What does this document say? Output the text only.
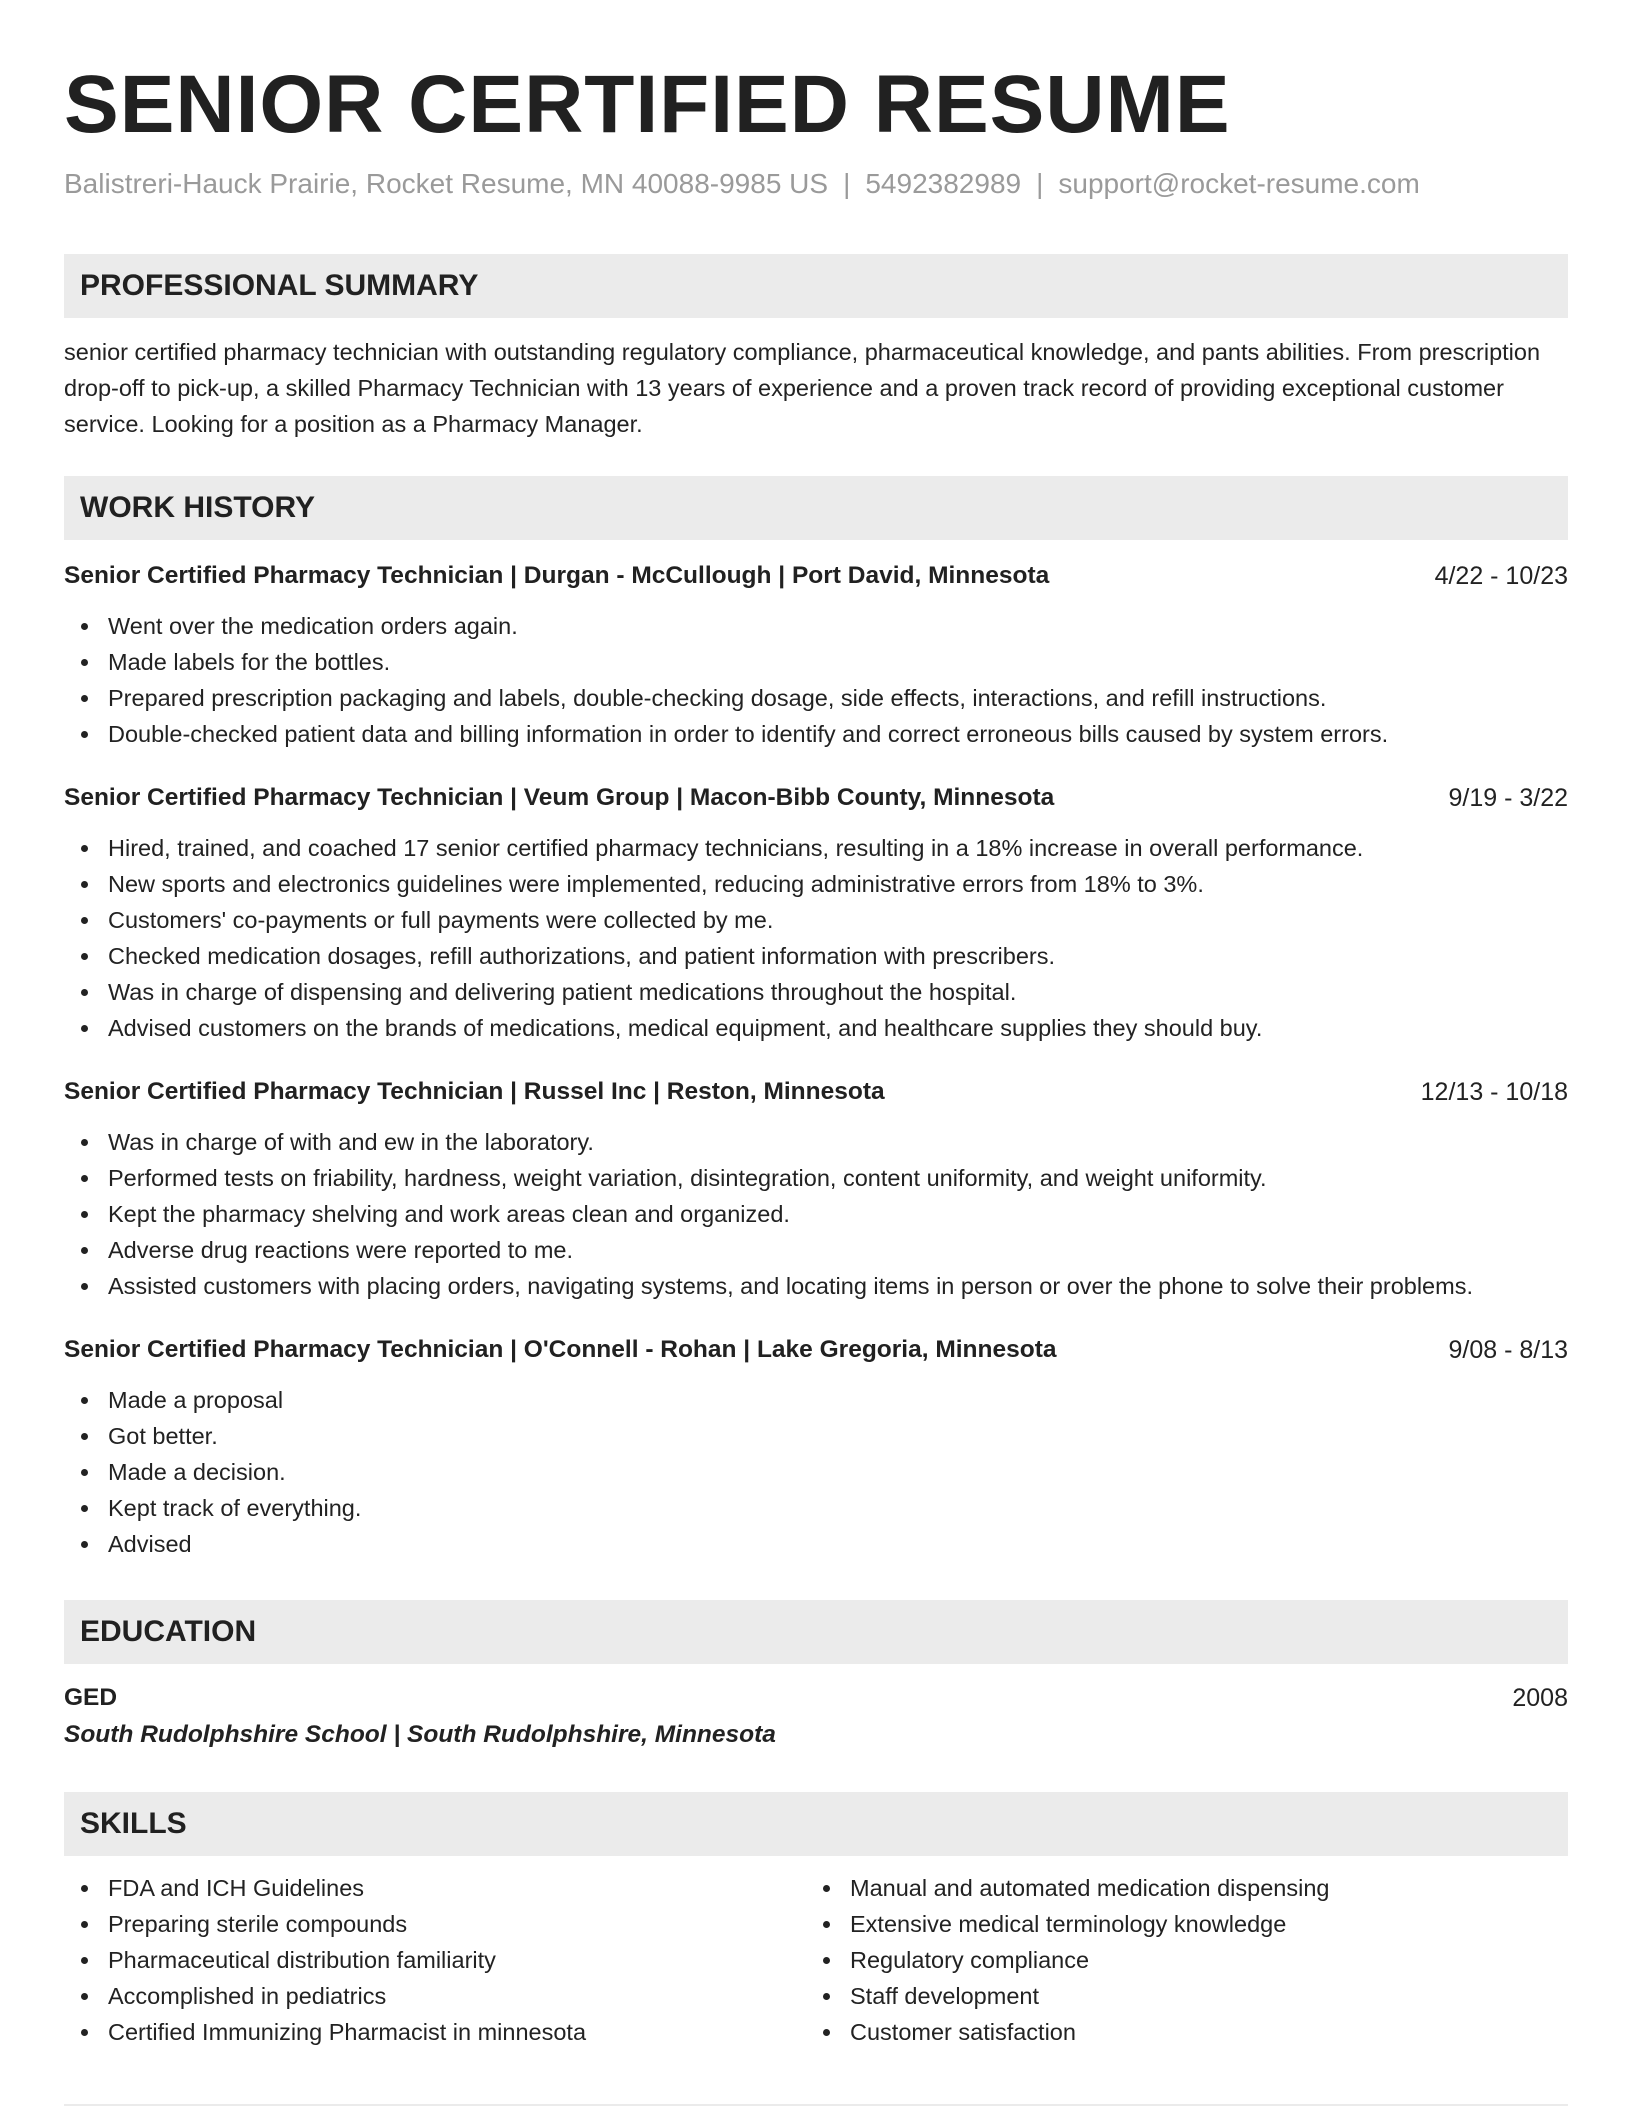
SENIOR CERTIFIED RESUME
Balistreri-Hauck Prairie, Rocket Resume, MN 40088-9985 US | 5492382989 | support@rocket-resume.com
PROFESSIONAL SUMMARY
senior certified pharmacy technician with outstanding regulatory compliance, pharmaceutical knowledge, and pants abilities. From prescription drop-off to pick-up, a skilled Pharmacy Technician with 13 years of experience and a proven track record of providing exceptional customer service. Looking for a position as a Pharmacy Manager.
WORK HISTORY
Senior Certified Pharmacy Technician | Durgan - McCullough | Port David, Minnesota	4/22 - 10/23
Went over the medication orders again.
Made labels for the bottles.
Prepared prescription packaging and labels, double-checking dosage, side effects, interactions, and refill instructions.
Double-checked patient data and billing information in order to identify and correct erroneous bills caused by system errors.
Senior Certified Pharmacy Technician | Veum Group | Macon-Bibb County, Minnesota	9/19 - 3/22
Hired, trained, and coached 17 senior certified pharmacy technicians, resulting in a 18% increase in overall performance.
New sports and electronics guidelines were implemented, reducing administrative errors from 18% to 3%.
Customers' co-payments or full payments were collected by me.
Checked medication dosages, refill authorizations, and patient information with prescribers.
Was in charge of dispensing and delivering patient medications throughout the hospital.
Advised customers on the brands of medications, medical equipment, and healthcare supplies they should buy.
Senior Certified Pharmacy Technician | Russel Inc | Reston, Minnesota	12/13 - 10/18
Was in charge of with and ew in the laboratory.
Performed tests on friability, hardness, weight variation, disintegration, content uniformity, and weight uniformity.
Kept the pharmacy shelving and work areas clean and organized.
Adverse drug reactions were reported to me.
Assisted customers with placing orders, navigating systems, and locating items in person or over the phone to solve their problems.
Senior Certified Pharmacy Technician | O'Connell - Rohan | Lake Gregoria, Minnesota	9/08 - 8/13
Made a proposal
Got better.
Made a decision.
Kept track of everything.
Advised
EDUCATION
GED	2008
South Rudolphshire School | South Rudolphshire, Minnesota
SKILLS
FDA and ICH Guidelines
Preparing sterile compounds
Pharmaceutical distribution familiarity
Accomplished in pediatrics
Certified Immunizing Pharmacist in minnesota
Manual and automated medication dispensing
Extensive medical terminology knowledge
Regulatory compliance
Staff development
Customer satisfaction
